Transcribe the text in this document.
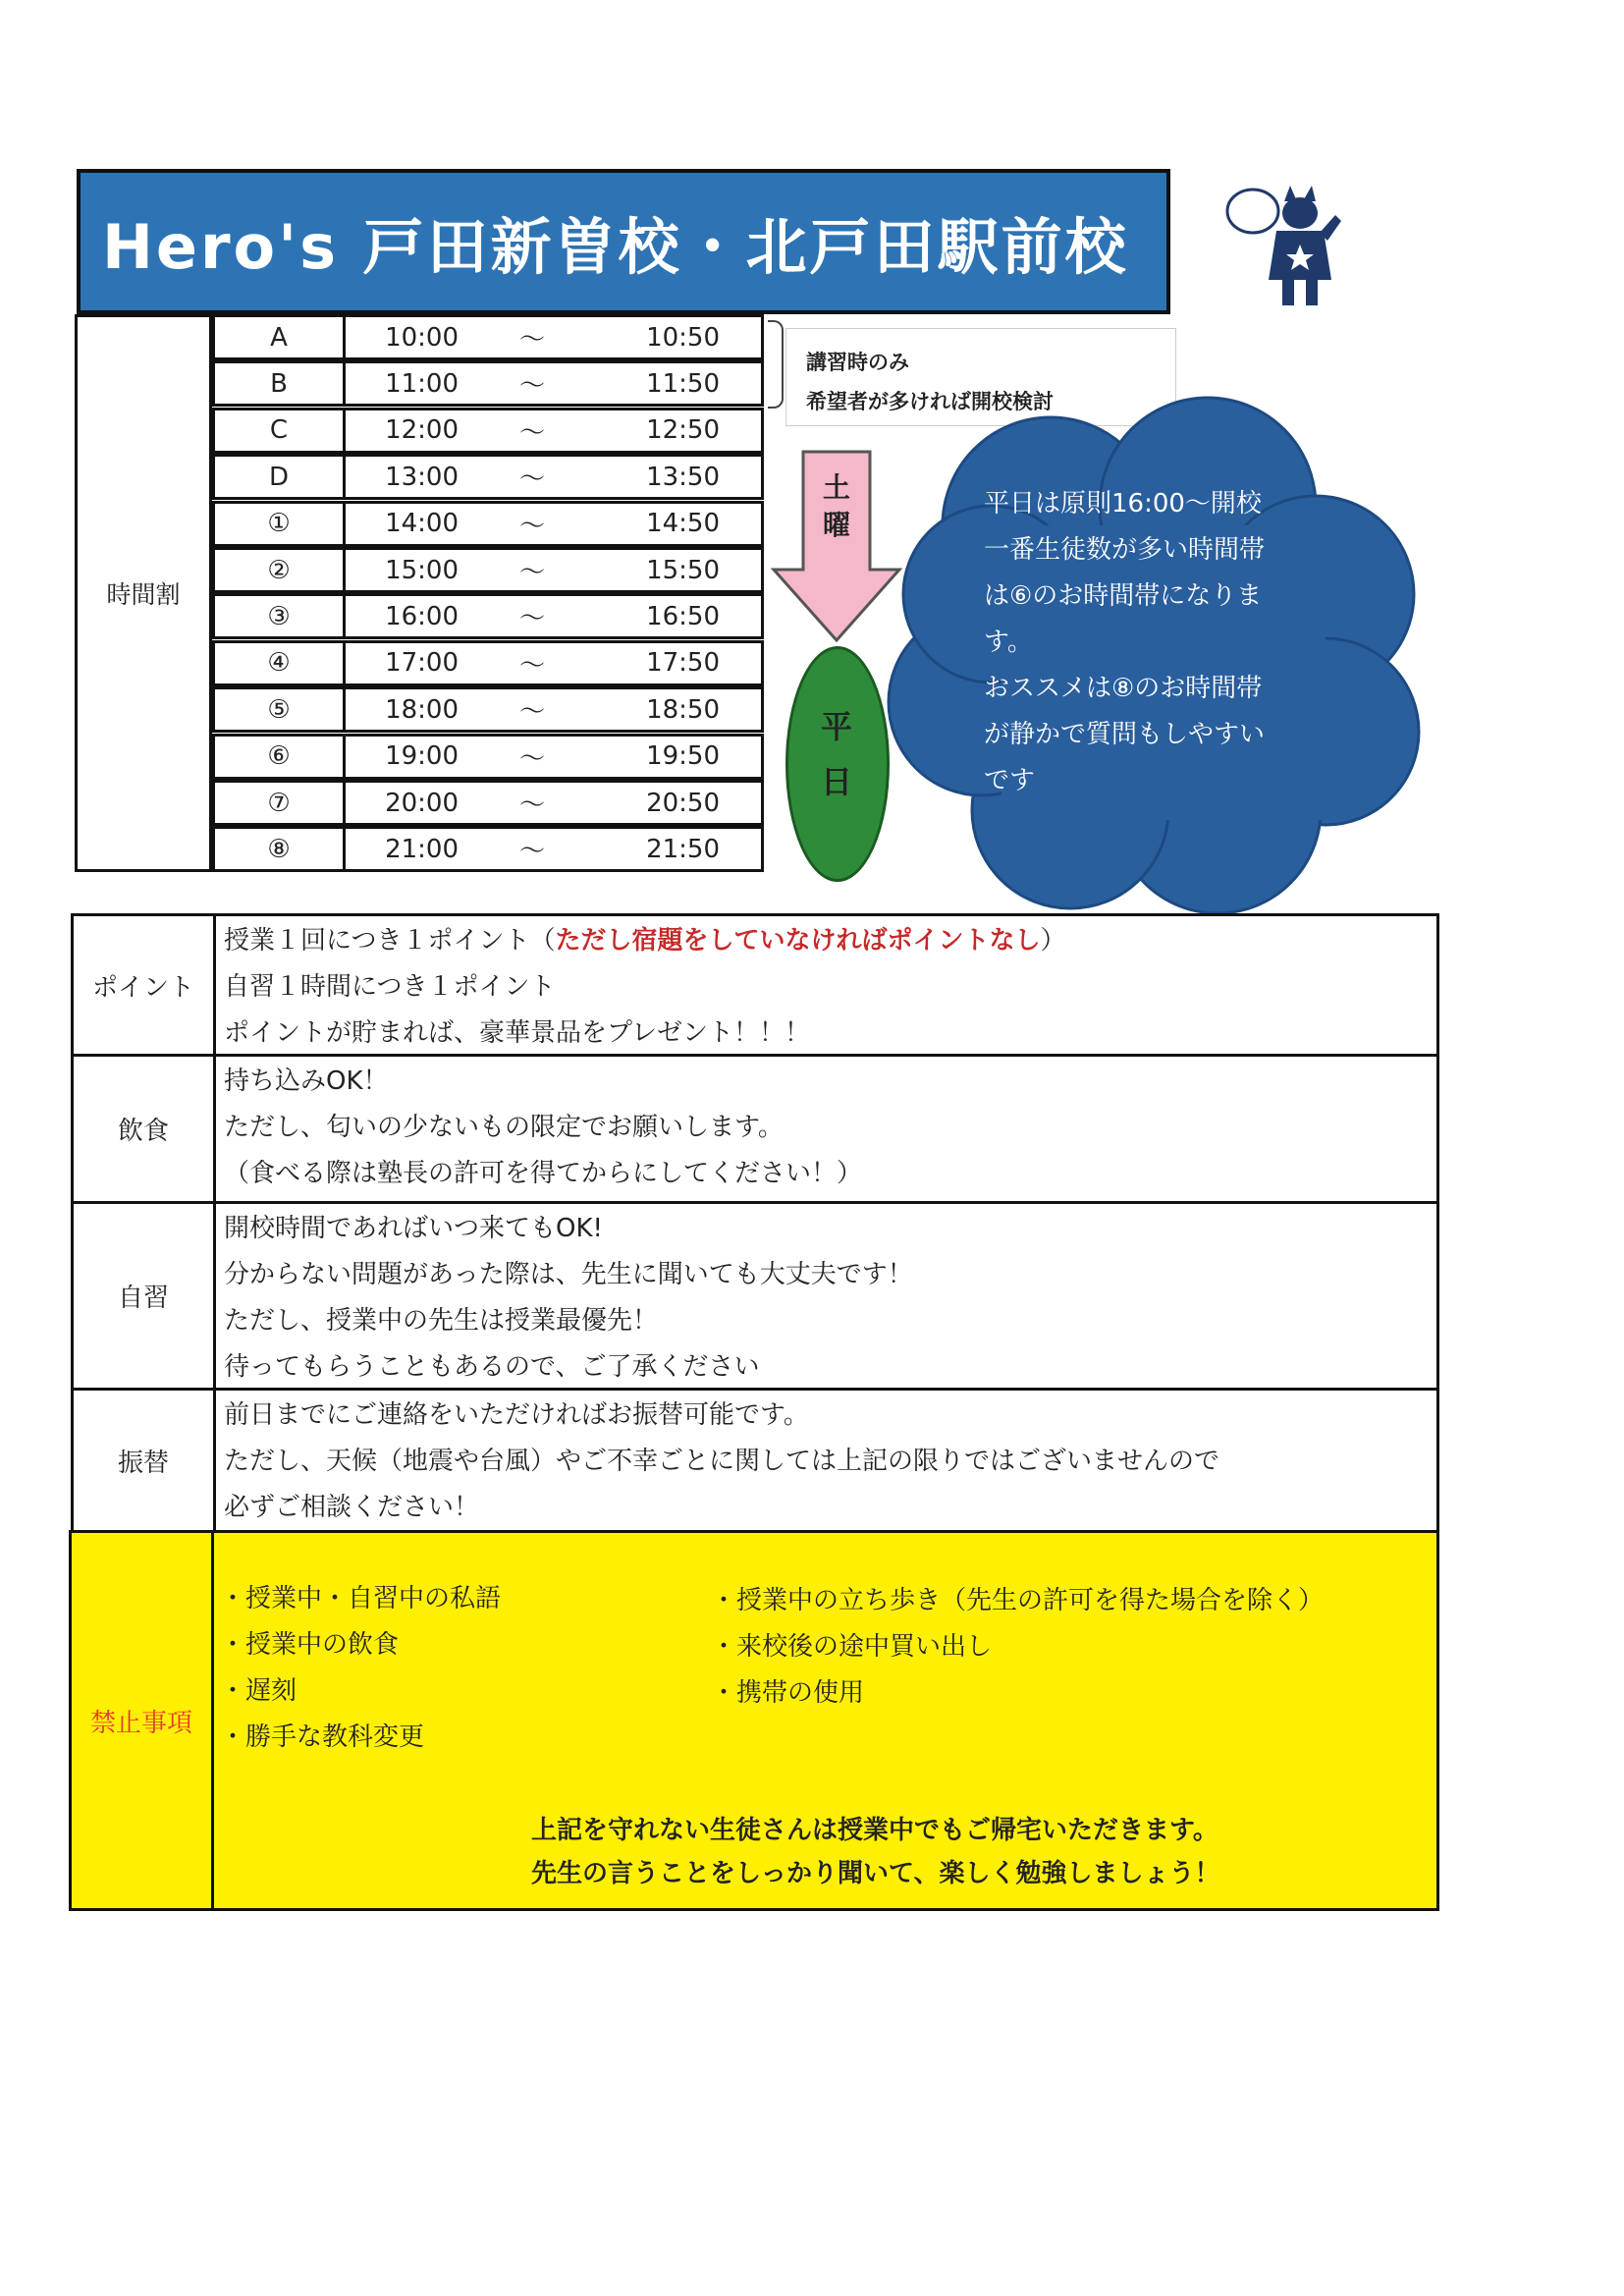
Hero's 戸田新曽校・北戸田駅前校
時間割
A	10:00	〜	10:50
B	11:00	〜	11:50
C	12:00	〜	12:50
D	13:00	〜	13:50
①	14:00	〜	14:50
②	15:00	〜	15:50
③	16:00	〜	16:50
④	17:00	〜	17:50
⑤	18:00	〜	18:50
⑥	19:00	〜	19:50
⑦	20:00	〜	20:50
⑧	21:00	〜	21:50
講習時のみ
希望者が多ければ開校検討
土
曜
平
日
平日は原則16:00〜開校
一番生徒数が多い時間帯
は⑥のお時間帯になりま
す。
おススメは⑧のお時間帯
が静かで質問もしやすい
です
ポイント
授業１回につき１ポイント（ただし宿題をしていなければポイントなし）
自習１時間につき１ポイント
ポイントが貯まれば、豪華景品をプレゼント！！！
飲食
持ち込みOK！
ただし、匂いの少ないもの限定でお願いします。
（食べる際は塾長の許可を得てからにしてください！）
自習
開校時間であればいつ来てもOK!
分からない問題があった際は、先生に聞いても大丈夫です！
ただし、授業中の先生は授業最優先！
待ってもらうこともあるので、ご了承ください
振替
前日までにご連絡をいただければお振替可能です。
ただし、天候（地震や台風）やご不幸ごとに関しては上記の限りではございませんので
必ずご相談ください！
禁止事項
・授業中・自習中の私語
・授業中の飲食
・遅刻
・勝手な教科変更
・授業中の立ち歩き（先生の許可を得た場合を除く）
・来校後の途中買い出し
・携帯の使用
上記を守れない生徒さんは授業中でもご帰宅いただきます。
先生の言うことをしっかり聞いて、楽しく勉強しましょう！
